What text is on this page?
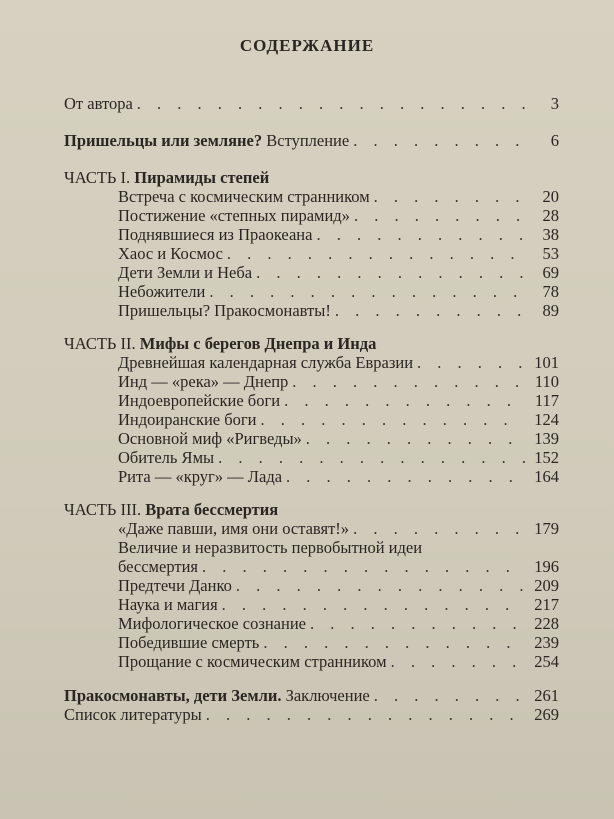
СОДЕРЖАНИЕ
От автора . . .	3
Пришельцы или земляне? Вступление . . .	6
ЧАСТЬ I. Пирамиды степей
Встреча с космическим странником . . .	20
Постижение «степных пирамид» . . .	28
Поднявшиеся из Праокеана . . .	38
Хаос и Космос . . .	53
Дети Земли и Неба . . .	69
Небожители . . .	78
Пришельцы? Пракосмонавты! . . .	89
ЧАСТЬ II. Мифы с берегов Днепра и Инда
Древнейшая календарная служба Евразии . . .	101
Инд — «река» — Днепр . . .	110
Индоевропейские боги . . .	117
Индоиранские боги . . .	124
Основной миф «Ригведы» . . .	139
Обитель Ямы . . .	152
Рита — «круг» — Лада . . .	164
ЧАСТЬ III. Врата бессмертия
«Даже павши, имя они оставят!» . . .	179
Величие и неразвитость первобытной идеи
бессмертия . . .	196
Предтечи Данко . . .	209
Наука и магия . . .	217
Мифологическое сознание . . .	228
Победившие смерть . . .	239
Прощание с космическим странником . . .	254
Пракосмонавты, дети Земли. Заключение . . .	261
Список литературы . . .	269
